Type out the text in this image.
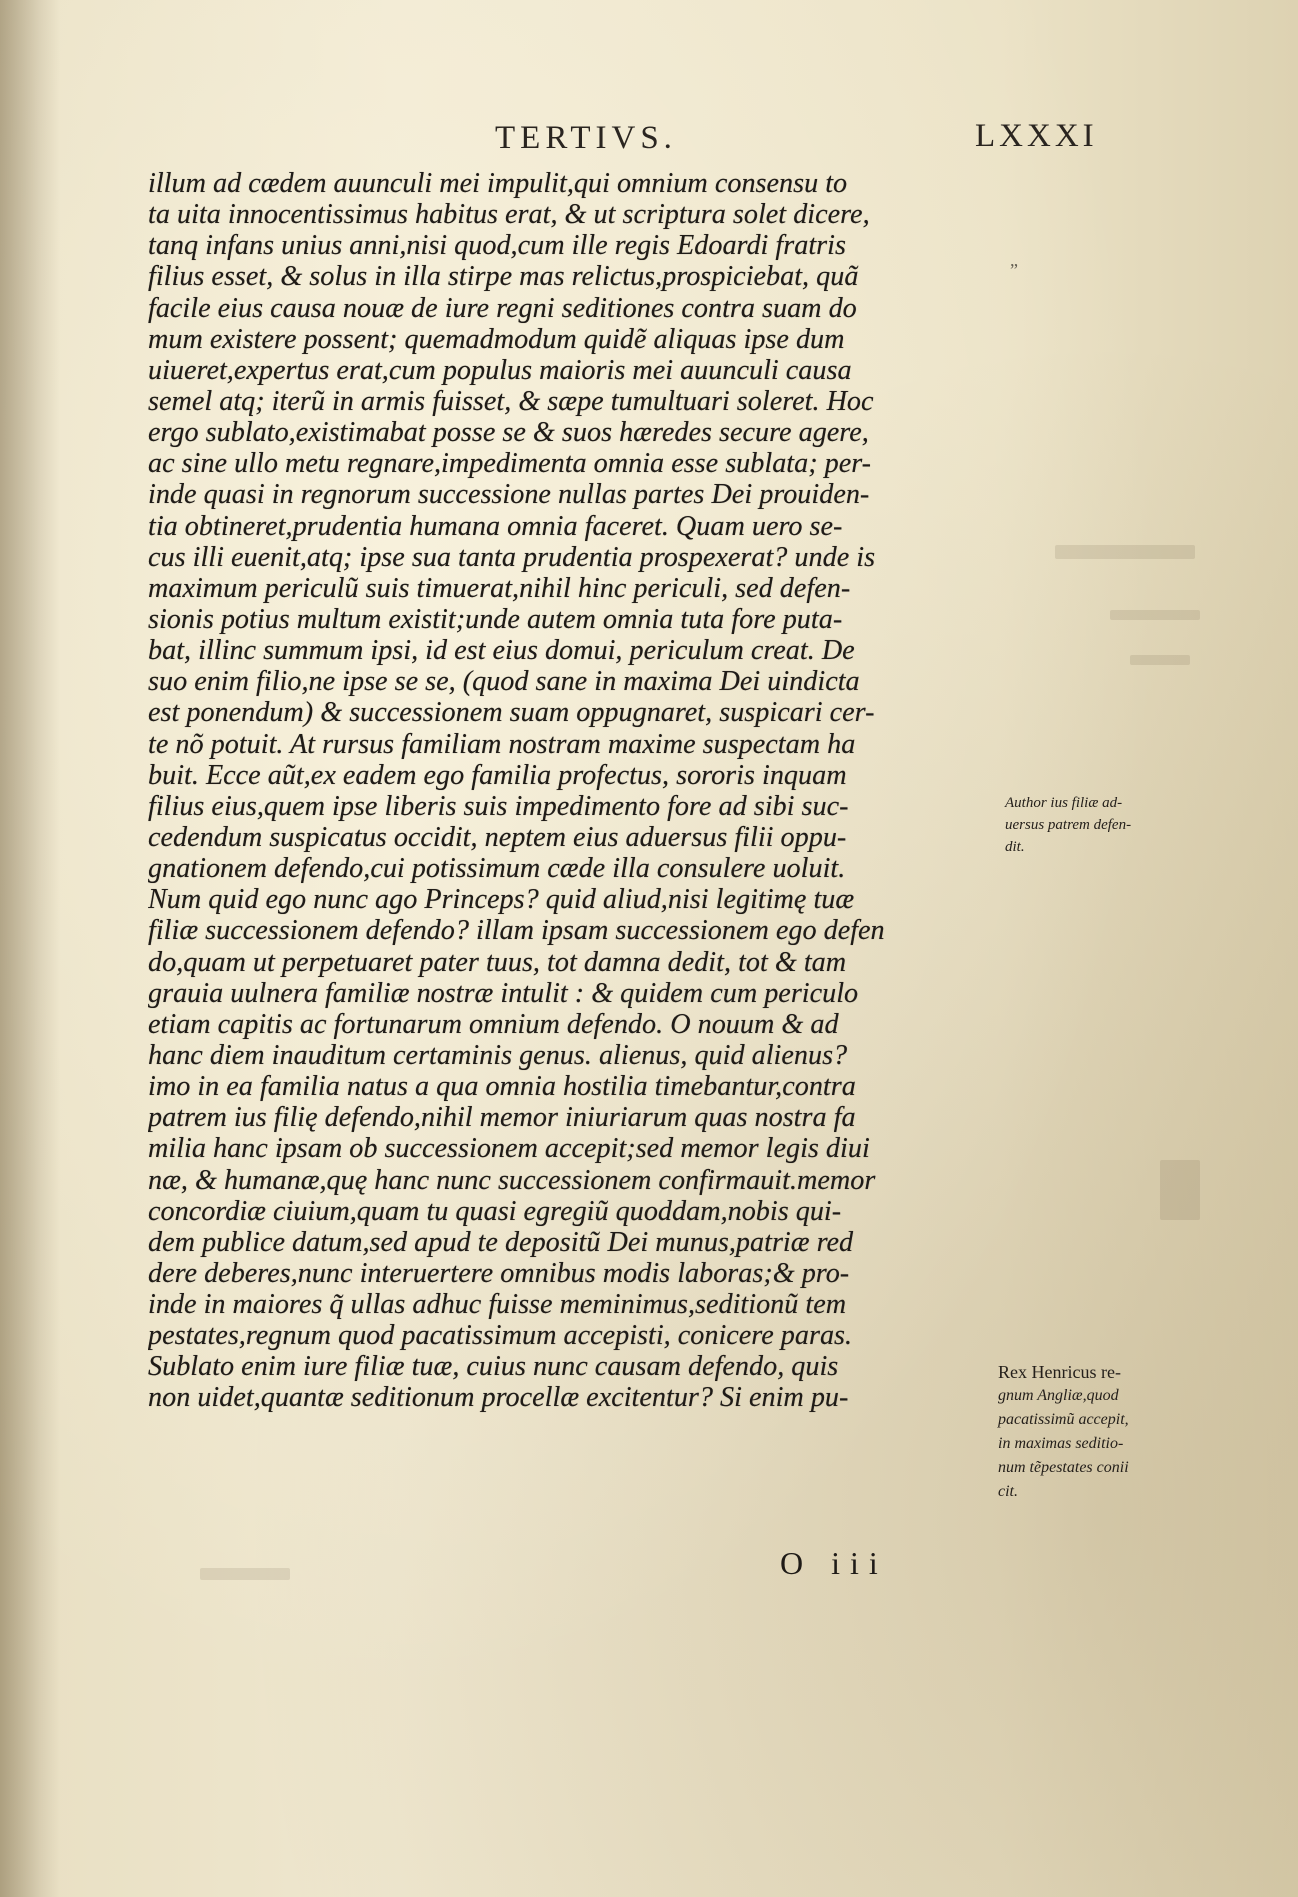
TERTIVS.	LXXXI
illum ad cædem auunculi mei impulit,qui omnium consensu to
ta uita innocentissimus habitus erat, & ut scriptura solet dicere,
tanq infans unius anni,nisi quod,cum ille regis Edoardi fratris
filius esset, & solus in illa stirpe mas relictus,prospiciebat, quã
facile eius causa nouæ de iure regni seditiones contra suam do
mum existere possent; quemadmodum quidẽ aliquas ipse dum
uiueret,expertus erat,cum populus maioris mei auunculi causa
semel atq; iterũ in armis fuisset, & sæpe tumultuari soleret. Hoc
ergo sublato,existimabat posse se & suos hæredes secure agere,
ac sine ullo metu regnare,impedimenta omnia esse sublata; per-
inde quasi in regnorum successione nullas partes Dei prouiden-
tia obtineret,prudentia humana omnia faceret. Quam uero se-
cus illi euenit,atq; ipse sua tanta prudentia prospexerat? unde is
maximum periculũ suis timuerat,nihil hinc periculi, sed defen-
sionis potius multum existit;unde autem omnia tuta fore puta-
bat, illinc summum ipsi, id est eius domui, periculum creat. De
suo enim filio,ne ipse se se, (quod sane in maxima Dei uindicta
est ponendum) & successionem suam oppugnaret, suspicari cer-
te nõ potuit. At rursus familiam nostram maxime suspectam ha
buit. Ecce aũt,ex eadem ego familia profectus, sororis inquam
filius eius,quem ipse liberis suis impedimento fore ad sibi suc-
cedendum suspicatus occidit, neptem eius aduersus filii oppu-
gnationem defendo,cui potissimum cæde illa consulere uoluit.
Num quid ego nunc ago Princeps? quid aliud,nisi legitimę tuæ
filiæ successionem defendo? illam ipsam successionem ego defen
do,quam ut perpetuaret pater tuus, tot damna dedit, tot & tam
grauia uulnera familiæ nostræ intulit : & quidem cum periculo
etiam capitis ac fortunarum omnium defendo. O nouum & ad
hanc diem inauditum certaminis genus. alienus, quid alienus?
imo in ea familia natus a qua omnia hostilia timebantur,contra
patrem ius filię defendo,nihil memor iniuriarum quas nostra fa
milia hanc ipsam ob successionem accepit;sed memor legis diui
næ, & humanæ,quę hanc nunc successionem confirmauit.memor
concordiæ ciuium,quam tu quasi egregiũ quoddam,nobis qui-
dem publice datum,sed apud te depositũ Dei munus,patriæ red
dere deberes,nunc interuertere omnibus modis laboras;& pro-
inde in maiores q̃ ullas adhuc fuisse meminimus,seditionũ tem
pestates,regnum quod pacatissimum accepisti, conicere paras.
Sublato enim iure filiæ tuæ, cuius nunc causam defendo, quis
non uidet,quantæ seditionum procellæ excitentur? Si enim pu-
O iii
Author ius filiæ ad-
uersus patrem defen-
dit.
Rex Henricus re-
gnum Angliæ,quod
pacatissimũ accepit,
in maximas seditio-
num tẽpestates conii
cit.
„
